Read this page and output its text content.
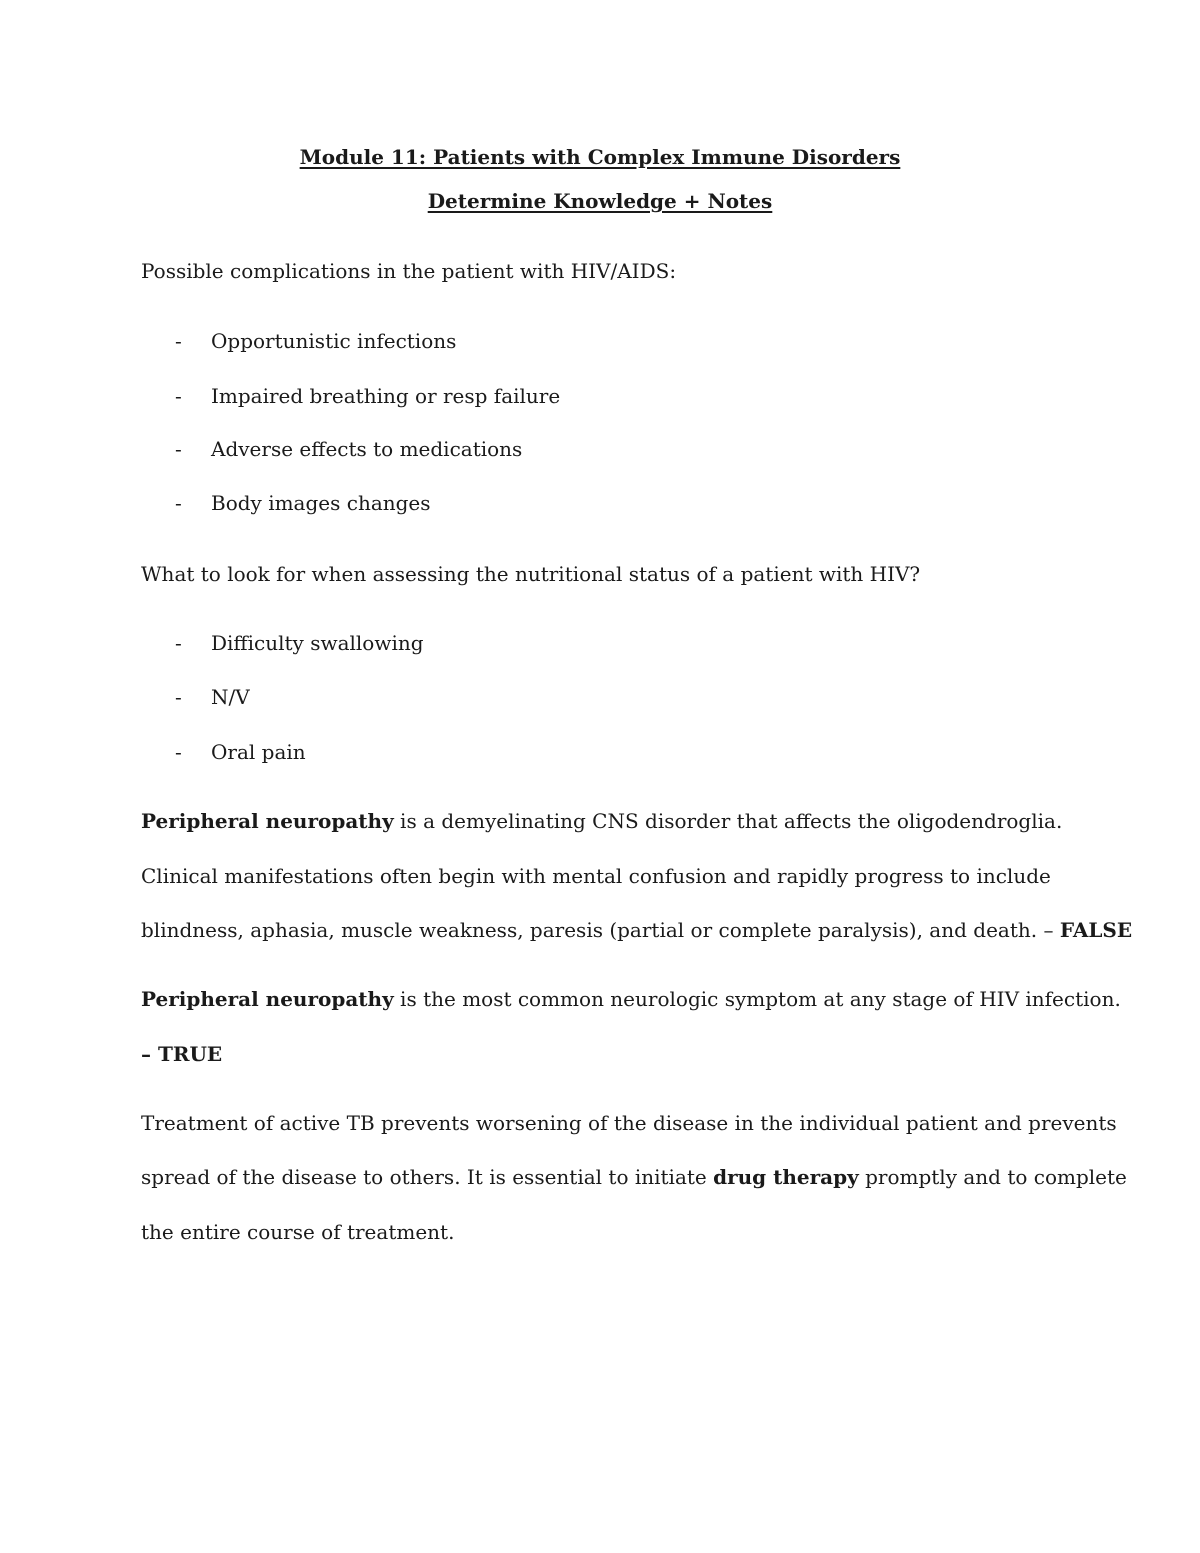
Module 11: Patients with Complex Immune Disorders

Determine Knowledge + Notes

Possible complications in the patient with HIV/AIDS:

- Opportunistic infections

- Impaired breathing or resp failure

- Adverse effects to medications

- Body images changes

What to look for when assessing the nutritional status of a patient with HIV?

- Difficulty swallowing

- N/V

- Oral pain

Peripheral neuropathy is a demyelinating CNS disorder that affects the oligodendroglia.

Clinical manifestations often begin with mental confusion and rapidly progress to include

blindness, aphasia, muscle weakness, paresis (partial or complete paralysis), and death. – FALSE

Peripheral neuropathy is the most common neurologic symptom at any stage of HIV infection.

– TRUE

Treatment of active TB prevents worsening of the disease in the individual patient and prevents

spread of the disease to others. It is essential to initiate drug therapy promptly and to complete

the entire course of treatment.
